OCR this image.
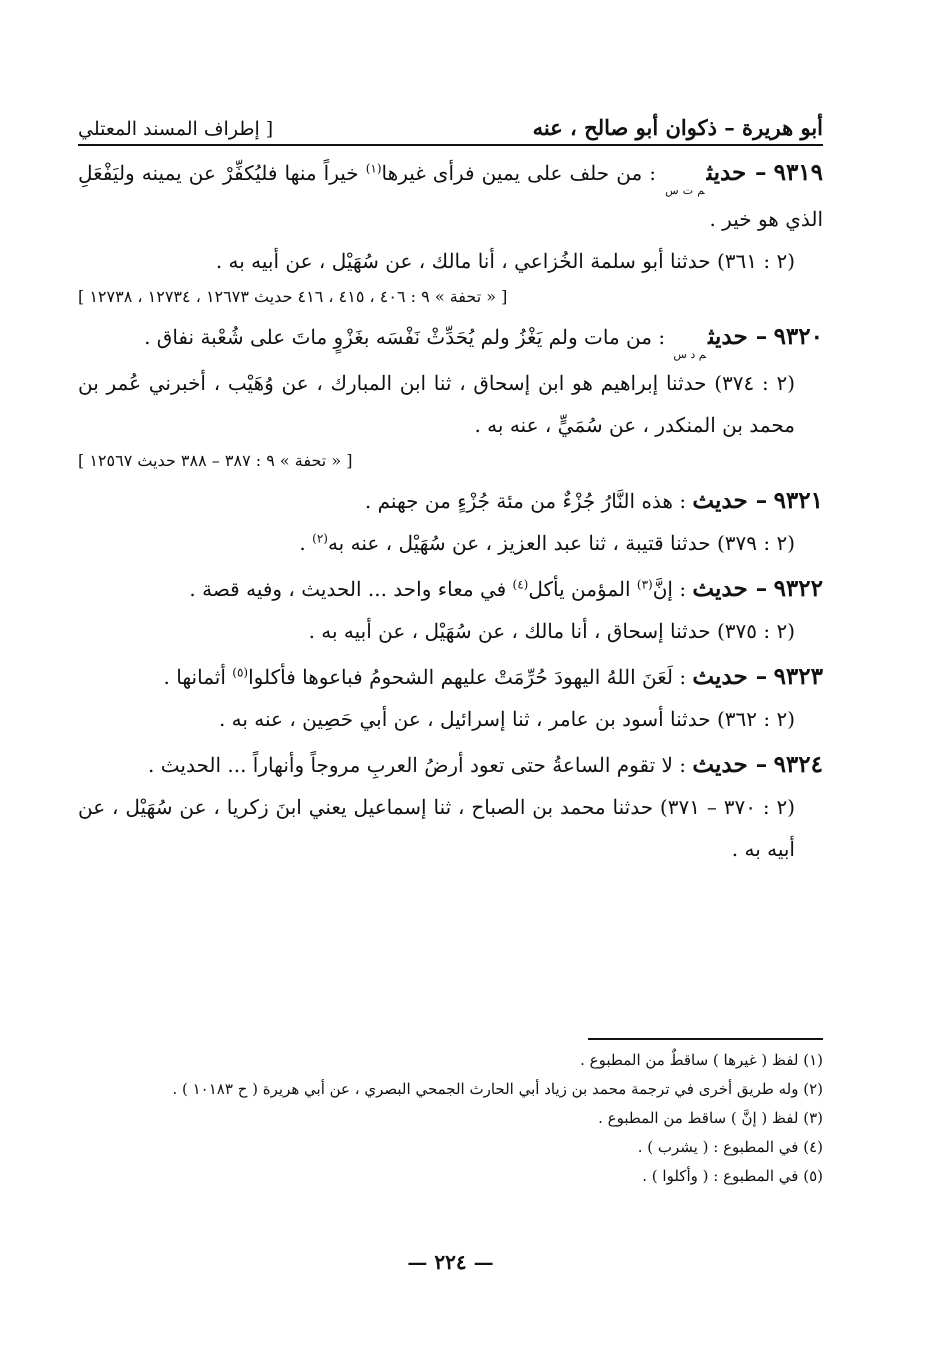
أبو هريرة – ذكوان أبو صالح ، عنه
[ إطراف المسند المعتلي
٩٣١٩ – حديث$_{م ت س}$ : من حلف على يمين فرأى غيرها$^{(١)}$ خيراً منها فليُكفِّرْ عن يمينه وليَفْعَلِ الذي هو خير .
(٢ : ٣٦١) حدثنا أبو سلمة الخُزاعي ، أنا مالك ، عن سُهَيْل ، عن أبيه به .
[ « تحفة » ٩ : ٤٠٦ ، ٤١٥ ، ٤١٦ حديث ١٢٦٧٣ ، ١٢٧٣٤ ، ١٢٧٣٨ ]
٩٣٢٠ – حديث$_{م د س}$ : من مات ولم يَغْزُ ولم يُحَدِّثْ نَفْسَه بغَزْوٍ ماتَ على شُعْبة نفاق .
(٢ : ٣٧٤) حدثنا إبراهيم هو ابن إسحاق ، ثنا ابن المبارك ، عن وُهَيْب ، أخبرني عُمر بن محمد بن المنكدر ، عن سُمَيٍّ ، عنه به .
[ « تحفة » ٩ : ٣٨٧ – ٣٨٨ حديث ١٢٥٦٧ ]
٩٣٢١ – حديث : هذه النَّارُ جُزْءٌ من مئة جُزْءٍ من جهنم .
(٢ : ٣٧٩) حدثنا قتيبة ، ثنا عبد العزيز ، عن سُهَيْل ، عنه به$^{(٢)}$ .
٩٣٢٢ – حديث : إنَّ$^{(٣)}$ المؤمن يأكل$^{(٤)}$ في معاء واحد ... الحديث ، وفيه قصة .
(٢ : ٣٧٥) حدثنا إسحاق ، أنا مالك ، عن سُهَيْل ، عن أبيه به .
٩٣٢٣ – حديث : لَعَنَ اللهُ اليهودَ حُرِّمَتْ عليهم الشحومُ فباعوها فأكلوا$^{(٥)}$ أثمانها .
(٢ : ٣٦٢) حدثنا أسود بن عامر ، ثنا إسرائيل ، عن أبي حَصِين ، عنه به .
٩٣٢٤ – حديث : لا تقوم الساعةُ حتى تعود أرضُ العربِ مروجاً وأنهاراً ... الحديث .
(٢ : ٣٧٠ – ٣٧١) حدثنا محمد بن الصباح ، ثنا إسماعيل يعني ابنَ زكريا ، عن سُهَيْل ، عن أبيه به .
(١) لفظ ( غيرها ) ساقطٌ من المطبوع .
(٢) وله طريق أخرى في ترجمة محمد بن زياد أبي الحارث الجمحي البصري ، عن أبي هريرة ( ح ١٠١٨٣ ) .
(٣) لفظ ( إنَّ ) ساقط من المطبوع .
(٤) في المطبوع : ( يشرب ) .
(٥) في المطبوع : ( وأكلوا ) .
— ٢٢٤ —
